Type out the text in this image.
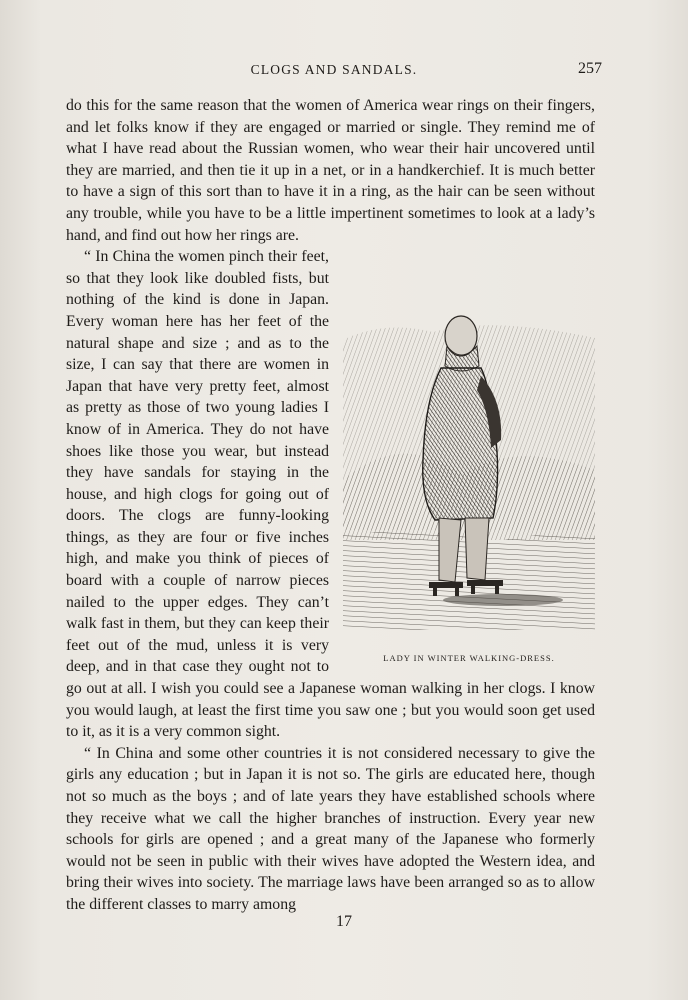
CLOGS AND SANDALS.	257

do this for the same reason that the women of America wear rings on their fingers, and let folks know if they are engaged or married or single. They remind me of what I have read about the Russian women, who wear their hair uncovered until they are married, and then tie it up in a net, or in a handkerchief. It is much better to have a sign of this sort than to have it in a ring, as the hair can be seen without any trouble, while you have to be a little impertinent sometimes to look at a lady’s hand, and find out how her rings are.

LADY IN WINTER WALKING-DRESS.

“ In China the women pinch their feet, so that they look like doubled fists, but nothing of the kind is done in Japan. Every woman here has her feet of the natural shape and size ; and as to the size, I can say that there are women in Japan that have very pretty feet, almost as pretty as those of two young ladies I know of in America. They do not have shoes like those you wear, but instead they have sandals for staying in the house, and high clogs for going out of doors. The clogs are funny-looking things, as they are four or five inches high, and make you think of pieces of board with a couple of narrow pieces nailed to the upper edges. They can’t walk fast in them, but they can keep their feet out of the mud, unless it is very deep, and in that case they ought not to go out at all. I wish you could see a Japanese woman walking in her clogs. I know you would laugh, at least the first time you saw one ; but you would soon get used to it, as it is a very common sight.

“ In China and some other countries it is not considered necessary to give the girls any education ; but in Japan it is not so. The girls are educated here, though not so much as the boys ; and of late years they have established schools where they receive what we call the higher branches of instruction. Every year new schools for girls are opened ; and a great many of the Japanese who formerly would not be seen in public with their wives have adopted the Western idea, and bring their wives into society. The marriage laws have been arranged so as to allow the different classes to marry among

17
